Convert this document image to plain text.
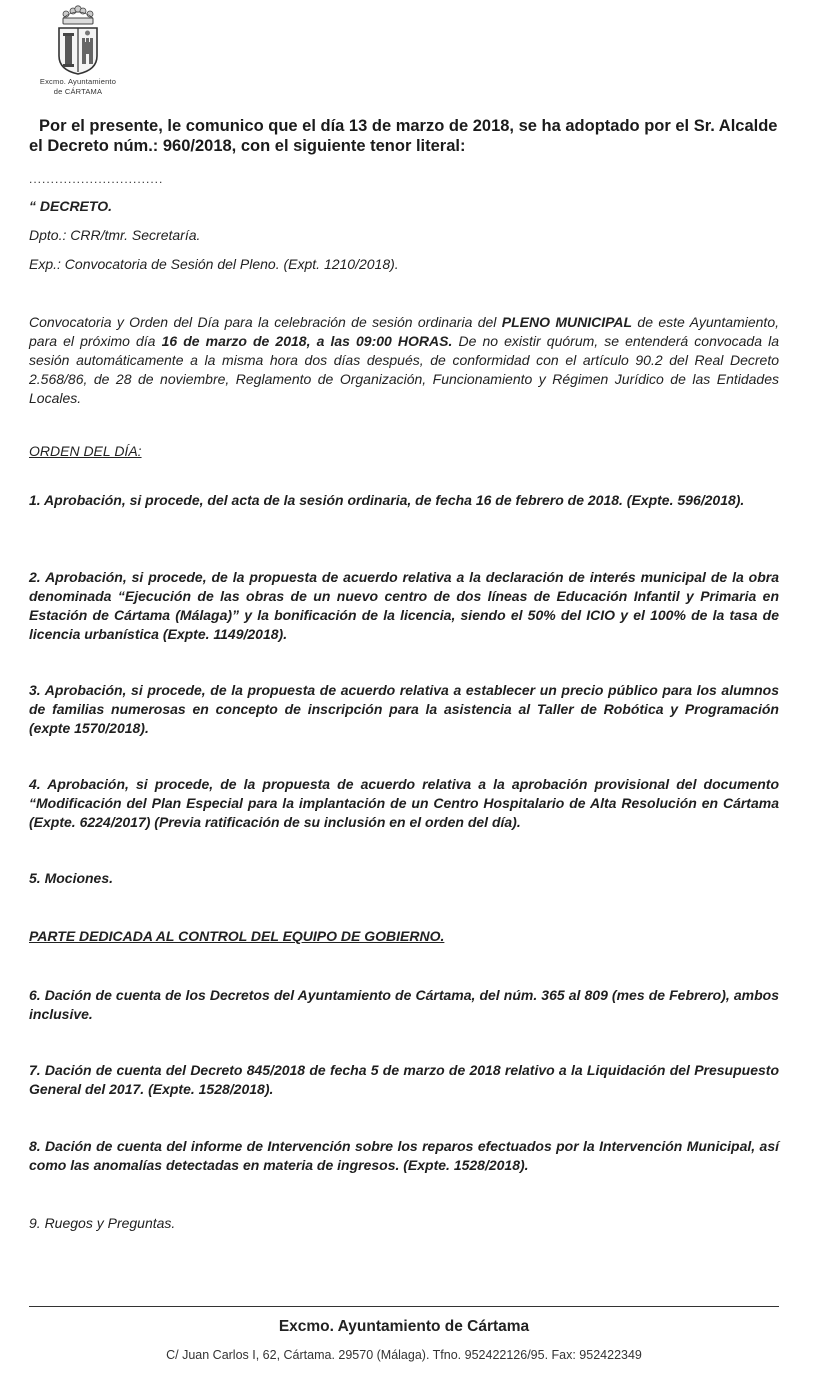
Excmo. Ayuntamiento
de CÁRTAMA
Por el presente, le comunico que el día 13 de marzo de 2018, se ha adoptado por el Sr. Alcalde el Decreto núm.: 960/2018, con el siguiente tenor literal:
...............................
“ DECRETO.
Dpto.: CRR/tmr. Secretaría.
Exp.: Convocatoria de Sesión del Pleno. (Expt. 1210/2018).
Convocatoria y Orden del Día para la celebración de sesión ordinaria del PLENO MUNICIPAL de este Ayuntamiento, para el próximo día 16 de marzo de 2018, a las 09:00 HORAS. De no existir quórum, se entenderá convocada la sesión automáticamente a la misma hora dos días después, de conformidad con el artículo 90.2 del Real Decreto 2.568/86, de 28 de noviembre, Reglamento de Organización, Funcionamiento y Régimen Jurídico de las Entidades Locales.
ORDEN DEL DÍA:
1. Aprobación, si procede, del acta de la sesión ordinaria, de fecha 16 de febrero de 2018. (Expte. 596/2018).
2. Aprobación, si procede, de la propuesta de acuerdo relativa a la declaración de interés municipal de la obra denominada “Ejecución de las obras de un nuevo centro de dos líneas de Educación Infantil y Primaria en Estación de Cártama (Málaga)” y la bonificación de la licencia, siendo el 50% del ICIO y el 100% de la tasa de licencia urbanística (Expte. 1149/2018).
3. Aprobación, si procede, de la propuesta de acuerdo relativa a establecer un precio público para los alumnos de familias numerosas en concepto de inscripción para la asistencia al Taller de Robótica y Programación (expte 1570/2018).
4. Aprobación, si procede, de la propuesta de acuerdo relativa a la aprobación provisional del documento “Modificación del Plan Especial para la implantación de un Centro Hospitalario de Alta Resolución en Cártama (Expte. 6224/2017) (Previa ratificación de su inclusión en el orden del día).
5. Mociones.
PARTE DEDICADA AL CONTROL DEL EQUIPO DE GOBIERNO.
6. Dación de cuenta de los Decretos del Ayuntamiento de Cártama, del núm. 365 al 809 (mes de Febrero), ambos inclusive.
7. Dación de cuenta del Decreto 845/2018 de fecha 5 de marzo de 2018 relativo a la Liquidación del Presupuesto General del 2017. (Expte. 1528/2018).
8. Dación de cuenta del informe de Intervención sobre los reparos efectuados por la Intervención Municipal, así como las anomalías detectadas en materia de ingresos. (Expte. 1528/2018).
9. Ruegos y Preguntas.
Excmo. Ayuntamiento de Cártama
C/ Juan Carlos I, 62, Cártama. 29570 (Málaga). Tfno. 952422126/95. Fax: 952422349
